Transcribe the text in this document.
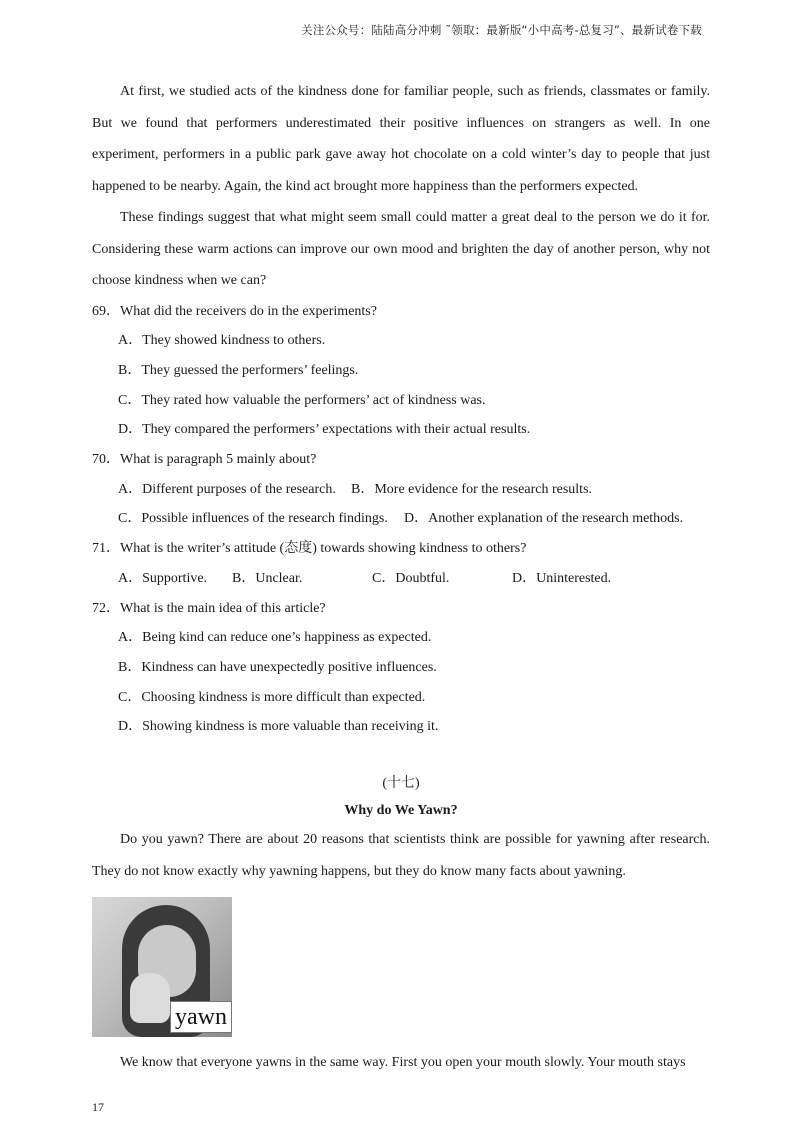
关注公众号：陆陆高分冲刺 ˜领取：最新版“小中高考-总复习”、最新试卷下载

At first, we studied acts of the kindness done for familiar people, such as friends, classmates or family. But we found that performers underestimated their positive influences on strangers as well. In one experiment, performers in a public park gave away hot chocolate on a cold winter’s day to people that just happened to be nearby. Again, the kind act brought more happiness than the performers expected.

These findings suggest that what might seem small could matter a great deal to the person we do it for. Considering these warm actions can improve our own mood and brighten the day of another person, why not choose kindness when we can?

69．What did the receivers do in the experiments?

A．They showed kindness to others.

B．They guessed the performers’ feelings.

C．They rated how valuable the performers’ act of kindness was.

D．They compared the performers’ expectations with their actual results.

70．What is paragraph 5 mainly about?

A．Different purposes of the research.	B．More evidence for the research results.
C．Possible influences of the research findings.	D．Another explanation of the research methods.

71．What is the writer’s attitude (态度) towards showing kindness to others?

A．Supportive.	B．Unclear.	C．Doubtful.	D．Uninterested.

72．What is the main idea of this article?

A．Being kind can reduce one’s happiness as expected.

B．Kindness can have unexpectedly positive influences.

C．Choosing kindness is more difficult than expected.

D．Showing kindness is more valuable than receiving it.

(十七)

Why do We Yawn?

Do you yawn? There are about 20 reasons that scientists think are possible for yawning after research. They do not know exactly why yawning happens, but they do know many facts about yawning.

yawn

We know that everyone yawns in the same way. First you open your mouth slowly. Your mouth stays

17
